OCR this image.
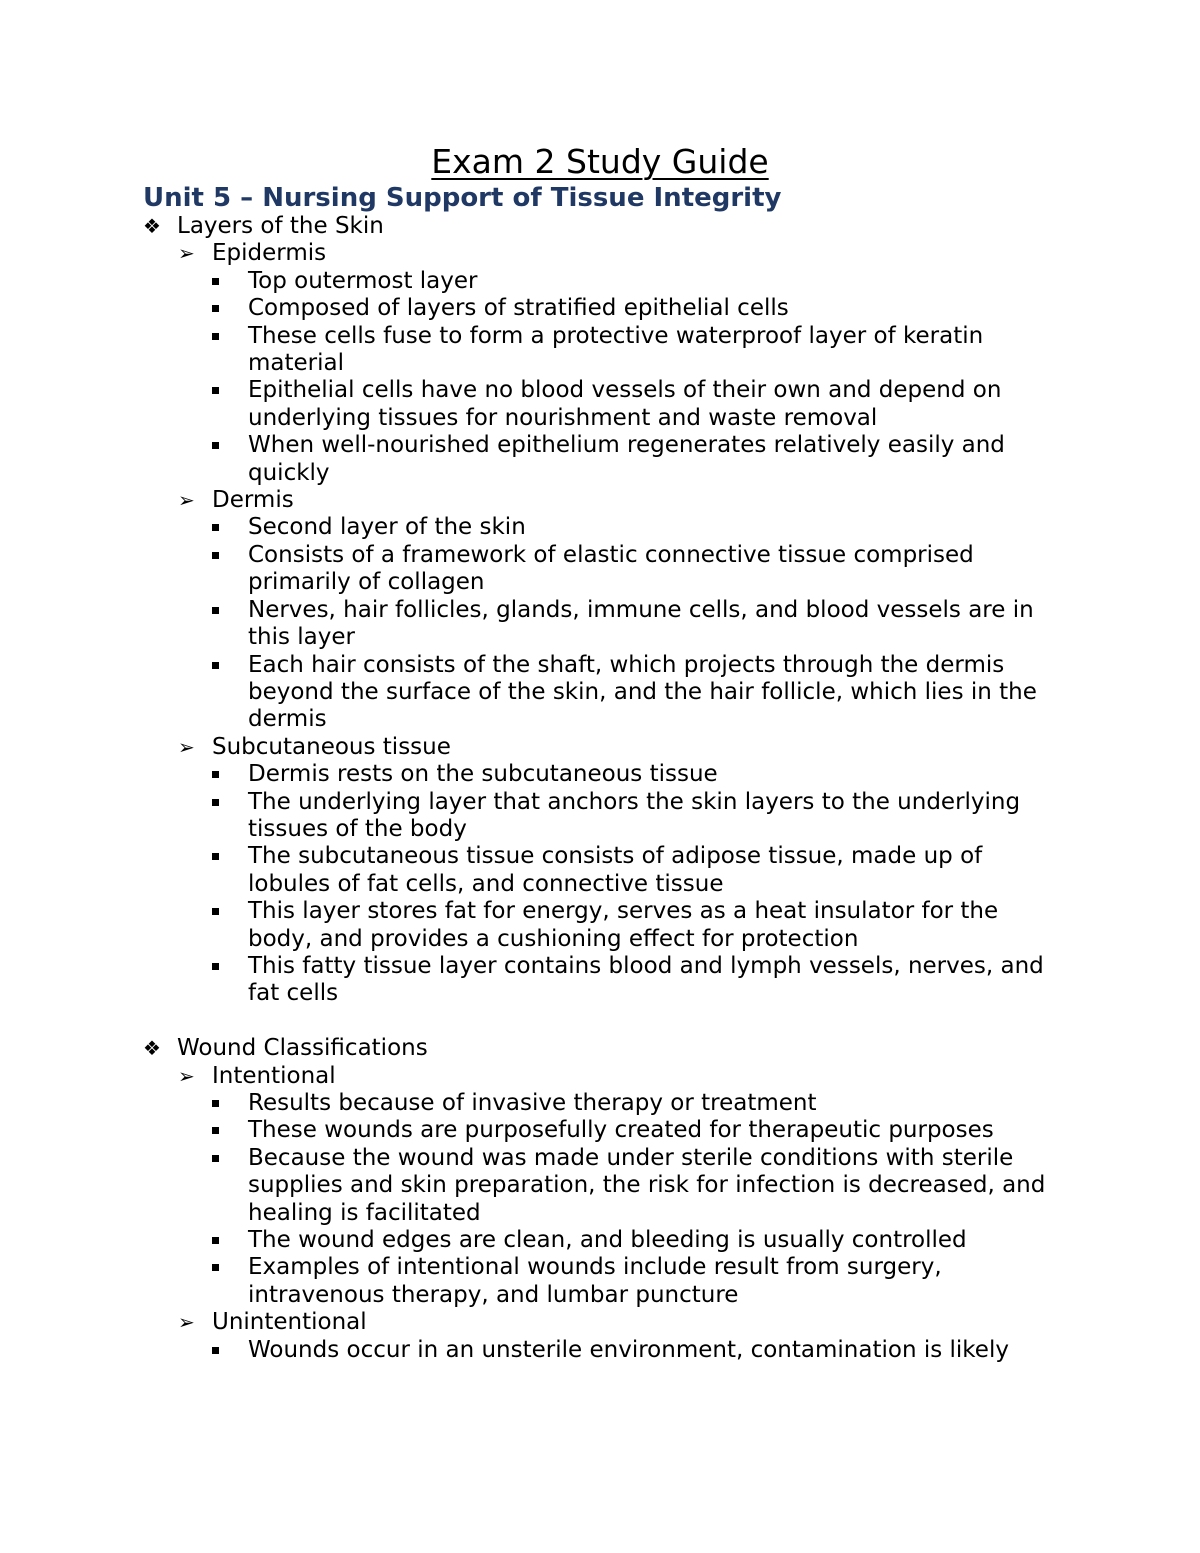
Exam 2 Study Guide
Unit 5 – Nursing Support of Tissue Integrity
❖ Layers of the Skin
➢ Epidermis
Top outermost layer
Composed of layers of stratified epithelial cells
These cells fuse to form a protective waterproof layer of keratin material
Epithelial cells have no blood vessels of their own and depend on underlying tissues for nourishment and waste removal
When well-nourished epithelium regenerates relatively easily and quickly
➢ Dermis
Second layer of the skin
Consists of a framework of elastic connective tissue comprised primarily of collagen
Nerves, hair follicles, glands, immune cells, and blood vessels are in this layer
Each hair consists of the shaft, which projects through the dermis beyond the surface of the skin, and the hair follicle, which lies in the dermis
➢ Subcutaneous tissue
Dermis rests on the subcutaneous tissue
The underlying layer that anchors the skin layers to the underlying tissues of the body
The subcutaneous tissue consists of adipose tissue, made up of lobules of fat cells, and connective tissue
This layer stores fat for energy, serves as a heat insulator for the body, and provides a cushioning effect for protection
This fatty tissue layer contains blood and lymph vessels, nerves, and fat cells
❖ Wound Classifications
➢ Intentional
Results because of invasive therapy or treatment
These wounds are purposefully created for therapeutic purposes
Because the wound was made under sterile conditions with sterile supplies and skin preparation, the risk for infection is decreased, and healing is facilitated
The wound edges are clean, and bleeding is usually controlled
Examples of intentional wounds include result from surgery, intravenous therapy, and lumbar puncture
➢ Unintentional
Wounds occur in an unsterile environment, contamination is likely
